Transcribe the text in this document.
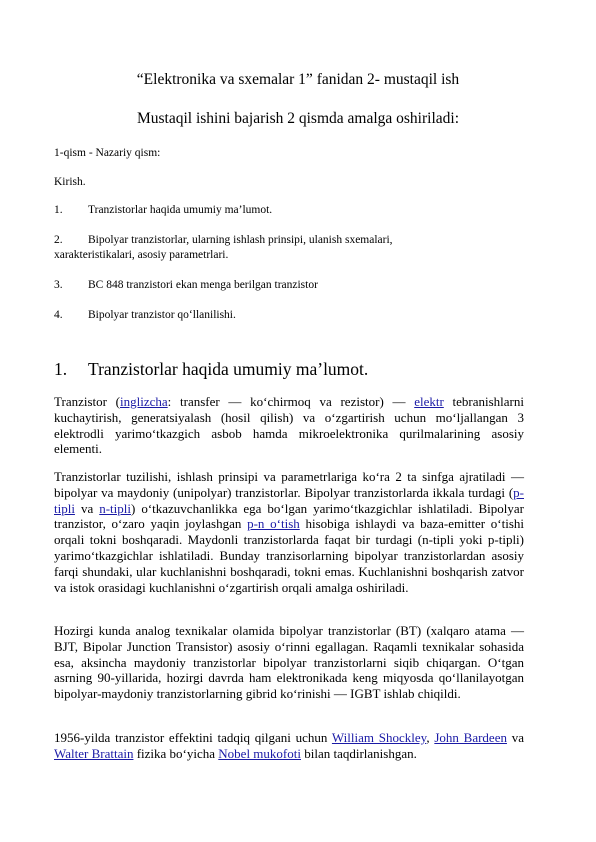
“Elektronika va sxemalar 1” fanidan 2- mustaqil ish
Mustaqil ishini bajarish 2 qismda amalga oshiriladi:
1-qism - Nazariy qism:
Kirish.
1. Tranzistorlar haqida umumiy ma’lumot.
2. Bipolyar tranzistorlar, ularning ishlash prinsipi, ulanish sxemalari,
xarakteristikalari, asosiy parametrlari.
3. BC 848 tranzistori ekan menga berilgan tranzistor
4. Bipolyar tranzistor qo‘llanilishi.
1. Tranzistorlar haqida umumiy ma’lumot.

Tranzistor (inglizcha: transfer — ko‘chirmoq va rezistor) — elektr tebranishlarni kuchaytirish, generatsiyalash (hosil qilish) va o‘zgartirish uchun mo‘ljallangan 3 elektrodli yarimo‘tkazgich asbob hamda mikroelektronika qurilmalarining asosiy elementi.

Tranzistorlar tuzilishi, ishlash prinsipi va parametrlariga ko‘ra 2 ta sinfga ajratiladi — bipolyar va maydoniy (unipolyar) tranzistorlar. Bipolyar tranzistorlarda ikkala turdagi (p-tipli va n-tipli) o‘tkazuvchanlikka ega bo‘lgan yarimo‘tkazgichlar ishlatiladi. Bipolyar tranzistor, o‘zaro yaqin joylashgan p-n o‘tish hisobiga ishlaydi va baza-emitter o‘tishi orqali tokni boshqaradi. Maydonli tranzistorlarda faqat bir turdagi (n-tipli yoki p-tipli) yarimo‘tkazgichlar ishlatiladi. Bunday tranzisorlarning bipolyar tranzistorlardan asosiy farqi shundaki, ular kuchlanishni boshqaradi, tokni emas. Kuchlanishni boshqarish zatvor va istok orasidagi kuchlanishni o‘zgartirish orqali amalga oshiriladi.

Hozirgi kunda analog texnikalar olamida bipolyar tranzistorlar (BT) (xalqaro atama — BJT, Bipolar Junction Transistor) asosiy o‘rinni egallagan. Raqamli texnikalar sohasida esa, aksincha maydoniy tranzistorlar bipolyar tranzistorlarni siqib chiqargan. O‘tgan asrning 90-yillarida, hozirgi davrda ham elektronikada keng miqyosda qo‘llanilayotgan bipolyar-maydoniy tranzistorlarning gibrid ko‘rinishi — IGBT ishlab chiqildi.

1956-yilda tranzistor effektini tadqiq qilgani uchun William Shockley, John Bardeen va Walter Brattain fizika bo‘yicha Nobel mukofoti bilan taqdirlanishgan.
